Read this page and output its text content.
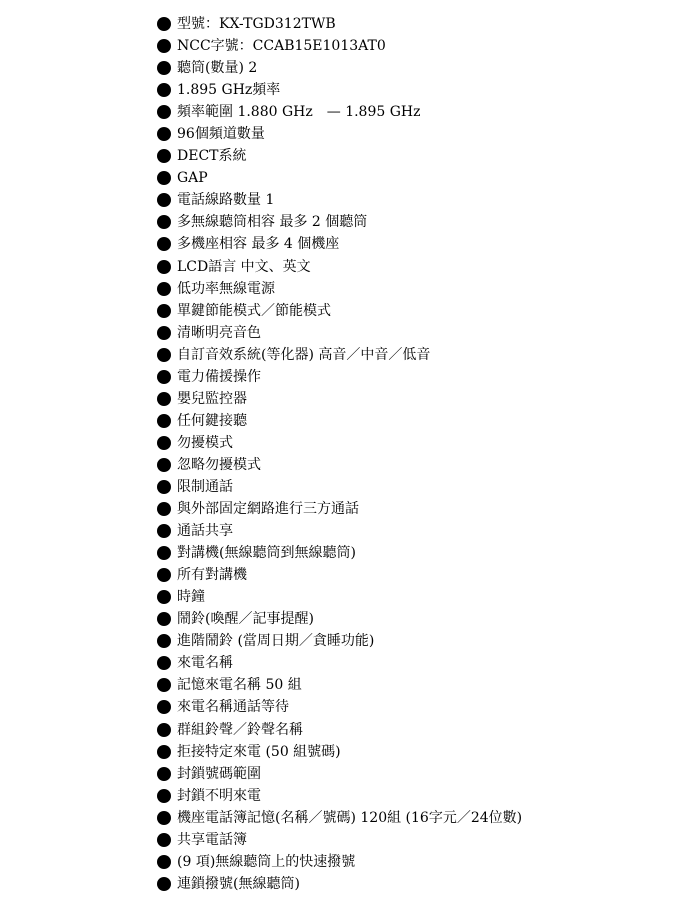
型號：KX-TGD312TWB
NCC字號：CCAB15E1013AT0
聽筒(數量) 2
1.895 GHz頻率
頻率範圍 1.880 GHz　— 1.895 GHz
96個頻道數量
DECT系統
GAP
電話線路數量 1
多無線聽筒相容 最多 2 個聽筒
多機座相容 最多 4 個機座
LCD語言 中文、英文
低功率無線電源
單鍵節能模式／節能模式
清晰明亮音色
自訂音效系統(等化器) 高音／中音／低音
電力備援操作
嬰兒監控器
任何鍵接聽
勿擾模式
忽略勿擾模式
限制通話
與外部固定網路進行三方通話
通話共享
對講機(無線聽筒到無線聽筒)
所有對講機
時鐘
鬧鈴(喚醒／記事提醒)
進階鬧鈴 (當周日期／貪睡功能)
來電名稱
記憶來電名稱 50 組
來電名稱通話等待
群組鈴聲／鈴聲名稱
拒接特定來電 (50 組號碼)
封鎖號碼範圍
封鎖不明來電
機座電話簿記憶(名稱／號碼) 120組 (16字元／24位數)
共享電話簿
(9 項)無線聽筒上的快速撥號
連鎖撥號(無線聽筒)
